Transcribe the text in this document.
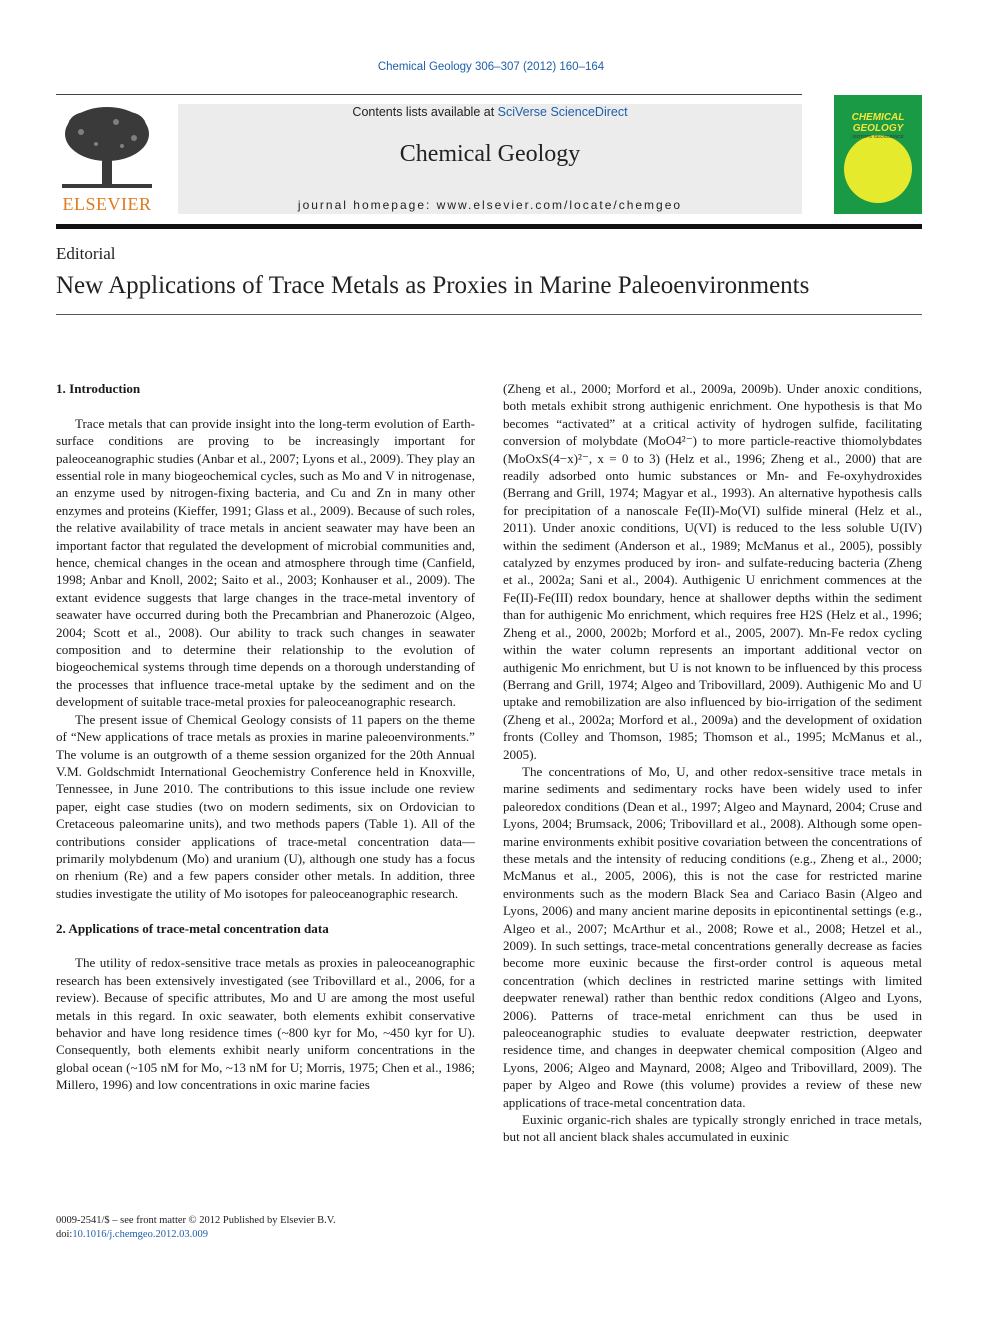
Chemical Geology 306–307 (2012) 160–164
ELSEVIER
Contents lists available at SciVerse ScienceDirect
Chemical Geology
journal homepage: www.elsevier.com/locate/chemgeo
CHEMICAL GEOLOGY
ISOTOPE GEOSCIENCE
Editorial
New Applications of Trace Metals as Proxies in Marine Paleoenvironments
1. Introduction

Trace metals that can provide insight into the long-term evolution of Earth-surface conditions are proving to be increasingly important for paleoceanographic studies (Anbar et al., 2007; Lyons et al., 2009). They play an essential role in many biogeochemical cycles, such as Mo and V in nitrogenase, an enzyme used by nitrogen-fixing bacteria, and Cu and Zn in many other enzymes and proteins (Kieffer, 1991; Glass et al., 2009). Because of such roles, the relative availability of trace metals in ancient seawater may have been an important factor that regulated the development of microbial communities and, hence, chemical changes in the ocean and atmosphere through time (Canfield, 1998; Anbar and Knoll, 2002; Saito et al., 2003; Konhauser et al., 2009). The extant evidence suggests that large changes in the trace-metal inventory of seawater have occurred during both the Precambrian and Phanerozoic (Algeo, 2004; Scott et al., 2008). Our ability to track such changes in seawater composition and to determine their relationship to the evolution of biogeochemical systems through time depends on a thorough understanding of the processes that influence trace-metal uptake by the sediment and on the development of suitable trace-metal proxies for paleoceanographic research.

The present issue of Chemical Geology consists of 11 papers on the theme of “New applications of trace metals as proxies in marine paleoenvironments.” The volume is an outgrowth of a theme session organized for the 20th Annual V.M. Goldschmidt International Geochemistry Conference held in Knoxville, Tennessee, in June 2010. The contributions to this issue include one review paper, eight case studies (two on modern sediments, six on Ordovician to Cretaceous paleomarine units), and two methods papers (Table 1). All of the contributions consider applications of trace-metal concentration data—primarily molybdenum (Mo) and uranium (U), although one study has a focus on rhenium (Re) and a few papers consider other metals. In addition, three studies investigate the utility of Mo isotopes for paleoceanographic research.

2. Applications of trace-metal concentration data

The utility of redox-sensitive trace metals as proxies in paleoceanographic research has been extensively investigated (see Tribovillard et al., 2006, for a review). Because of specific attributes, Mo and U are among the most useful metals in this regard. In oxic seawater, both elements exhibit conservative behavior and have long residence times (~800 kyr for Mo, ~450 kyr for U). Consequently, both elements exhibit nearly uniform concentrations in the global ocean (~105 nM for Mo, ~13 nM for U; Morris, 1975; Chen et al., 1986; Millero, 1996) and low concentrations in oxic marine facies

(Zheng et al., 2000; Morford et al., 2009a, 2009b). Under anoxic conditions, both metals exhibit strong authigenic enrichment. One hypothesis is that Mo becomes “activated” at a critical activity of hydrogen sulfide, facilitating conversion of molybdate (MoO4²⁻) to more particle-reactive thiomolybdates (MoOxS(4−x)²⁻, x = 0 to 3) (Helz et al., 1996; Zheng et al., 2000) that are readily adsorbed onto humic substances or Mn- and Fe-oxyhydroxides (Berrang and Grill, 1974; Magyar et al., 1993). An alternative hypothesis calls for precipitation of a nanoscale Fe(II)-Mo(VI) sulfide mineral (Helz et al., 2011). Under anoxic conditions, U(VI) is reduced to the less soluble U(IV) within the sediment (Anderson et al., 1989; McManus et al., 2005), possibly catalyzed by enzymes produced by iron- and sulfate-reducing bacteria (Zheng et al., 2002a; Sani et al., 2004). Authigenic U enrichment commences at the Fe(II)-Fe(III) redox boundary, hence at shallower depths within the sediment than for authigenic Mo enrichment, which requires free H2S (Helz et al., 1996; Zheng et al., 2000, 2002b; Morford et al., 2005, 2007). Mn-Fe redox cycling within the water column represents an important additional vector on authigenic Mo enrichment, but U is not known to be influenced by this process (Berrang and Grill, 1974; Algeo and Tribovillard, 2009). Authigenic Mo and U uptake and remobilization are also influenced by bio-irrigation of the sediment (Zheng et al., 2002a; Morford et al., 2009a) and the development of oxidation fronts (Colley and Thomson, 1985; Thomson et al., 1995; McManus et al., 2005).

The concentrations of Mo, U, and other redox-sensitive trace metals in marine sediments and sedimentary rocks have been widely used to infer paleoredox conditions (Dean et al., 1997; Algeo and Maynard, 2004; Cruse and Lyons, 2004; Brumsack, 2006; Tribovillard et al., 2008). Although some open-marine environments exhibit positive covariation between the concentrations of these metals and the intensity of reducing conditions (e.g., Zheng et al., 2000; McManus et al., 2005, 2006), this is not the case for restricted marine environments such as the modern Black Sea and Cariaco Basin (Algeo and Lyons, 2006) and many ancient marine deposits in epicontinental settings (e.g., Algeo et al., 2007; McArthur et al., 2008; Rowe et al., 2008; Hetzel et al., 2009). In such settings, trace-metal concentrations generally decrease as facies become more euxinic because the first-order control is aqueous metal concentration (which declines in restricted marine settings with limited deepwater renewal) rather than benthic redox conditions (Algeo and Lyons, 2006). Patterns of trace-metal enrichment can thus be used in paleoceanographic studies to evaluate deepwater restriction, deepwater residence time, and changes in deepwater chemical composition (Algeo and Lyons, 2006; Algeo and Maynard, 2008; Algeo and Tribovillard, 2009). The paper by Algeo and Rowe (this volume) provides a review of these new applications of trace-metal concentration data.

Euxinic organic-rich shales are typically strongly enriched in trace metals, but not all ancient black shales accumulated in euxinic

0009-2541/$ – see front matter © 2012 Published by Elsevier B.V.
doi:10.1016/j.chemgeo.2012.03.009
